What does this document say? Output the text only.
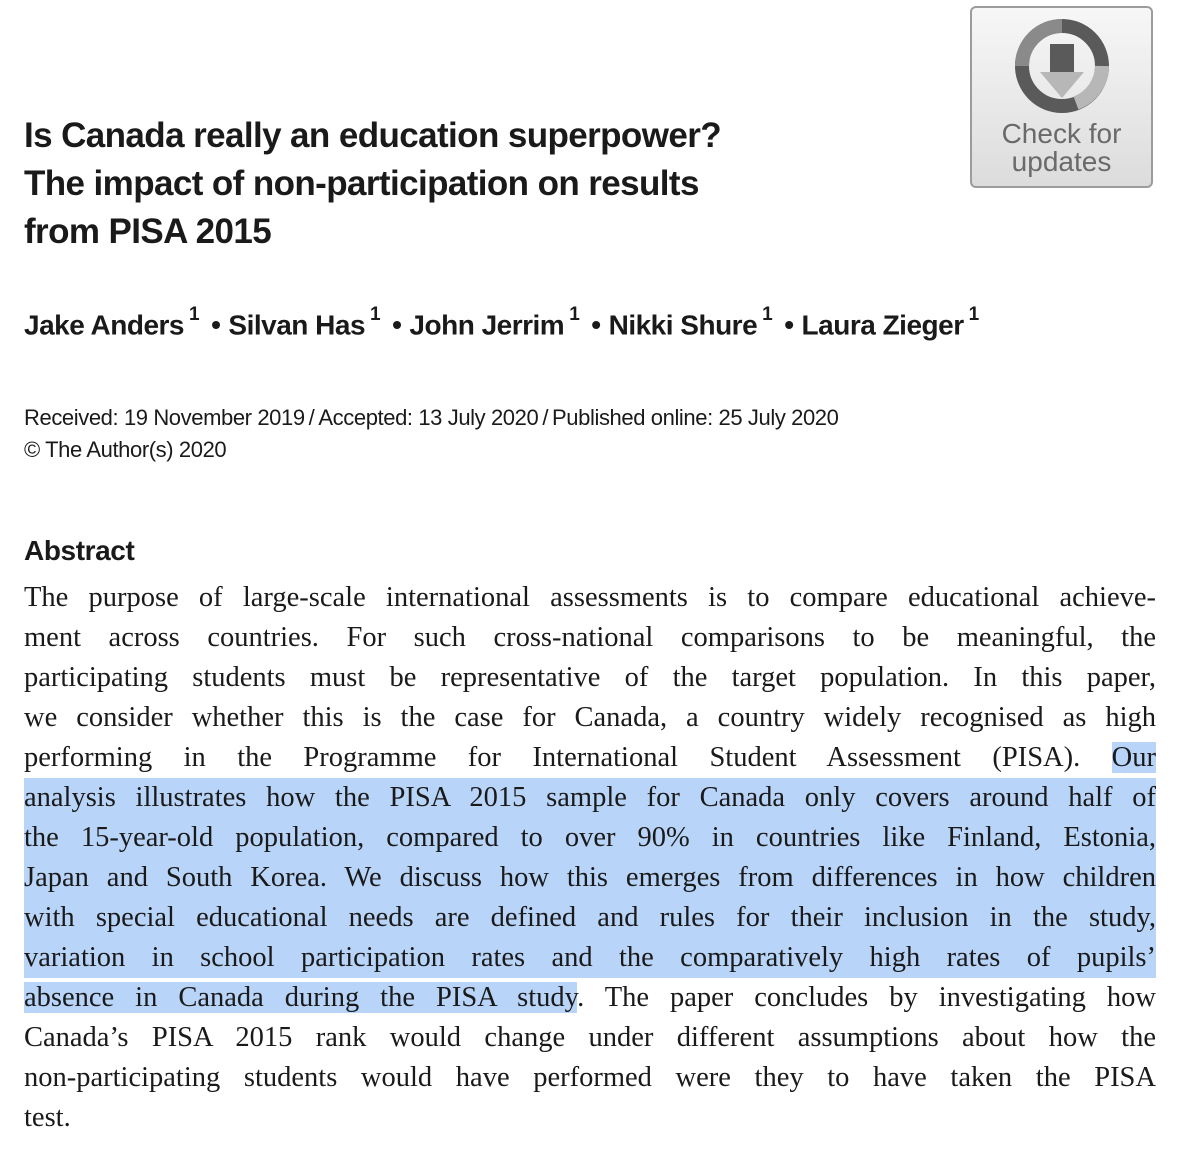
Is Canada really an education superpower?
The impact of non-participation on results
from PISA 2015
Check for
updates

Jake Anders $^1$ • Silvan Has $^1$ • John Jerrim $^1$ • Nikki Shure $^1$ • Laura Zieger $^1$

Received: 19 November 2019 / Accepted: 13 July 2020 / Published online: 25 July 2020
© The Author(s) 2020
Abstract
The purpose of large-scale international assessments is to compare educational achieve-
ment across countries. For such cross-national comparisons to be meaningful, the
participating students must be representative of the target population. In this paper,
we consider whether this is the case for Canada, a country widely recognised as high
performing in the Programme for International Student Assessment (PISA). Our
analysis illustrates how the PISA 2015 sample for Canada only covers around half of
the 15-year-old population, compared to over 90% in countries like Finland, Estonia,
Japan and South Korea. We discuss how this emerges from differences in how children
with special educational needs are defined and rules for their inclusion in the study,
variation in school participation rates and the comparatively high rates of pupils’
absence in Canada during the PISA study. The paper concludes by investigating how
Canada’s PISA 2015 rank would change under different assumptions about how the
non-participating students would have performed were they to have taken the PISA
test.
